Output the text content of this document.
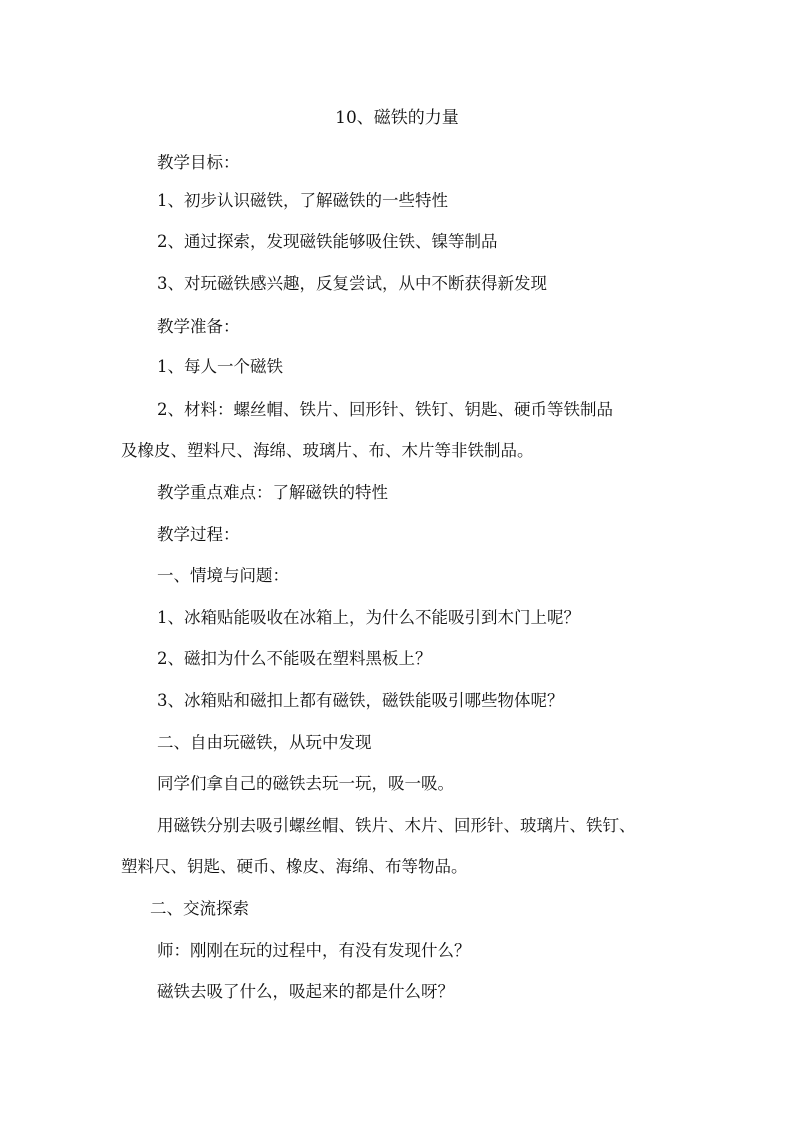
10、磁铁的力量
教学目标：
1、初步认识磁铁，了解磁铁的一些特性
2、通过探索，发现磁铁能够吸住铁、镍等制品
3、对玩磁铁感兴趣，反复尝试，从中不断获得新发现
教学准备：
1、每人一个磁铁
2、材料：螺丝帽、铁片、回形针、铁钉、钥匙、硬币等铁制品
及橡皮、塑料尺、海绵、玻璃片、布、木片等非铁制品。
教学重点难点：了解磁铁的特性
教学过程：
一、情境与问题：
1、冰箱贴能吸收在冰箱上，为什么不能吸引到木门上呢？
2、磁扣为什么不能吸在塑料黑板上？
3、冰箱贴和磁扣上都有磁铁，磁铁能吸引哪些物体呢？
二、自由玩磁铁，从玩中发现
同学们拿自己的磁铁去玩一玩，吸一吸。
用磁铁分别去吸引螺丝帽、铁片、木片、回形针、玻璃片、铁钉、
塑料尺、钥匙、硬币、橡皮、海绵、布等物品。
二、交流探索
师：刚刚在玩的过程中，有没有发现什么？
磁铁去吸了什么，吸起来的都是什么呀？
